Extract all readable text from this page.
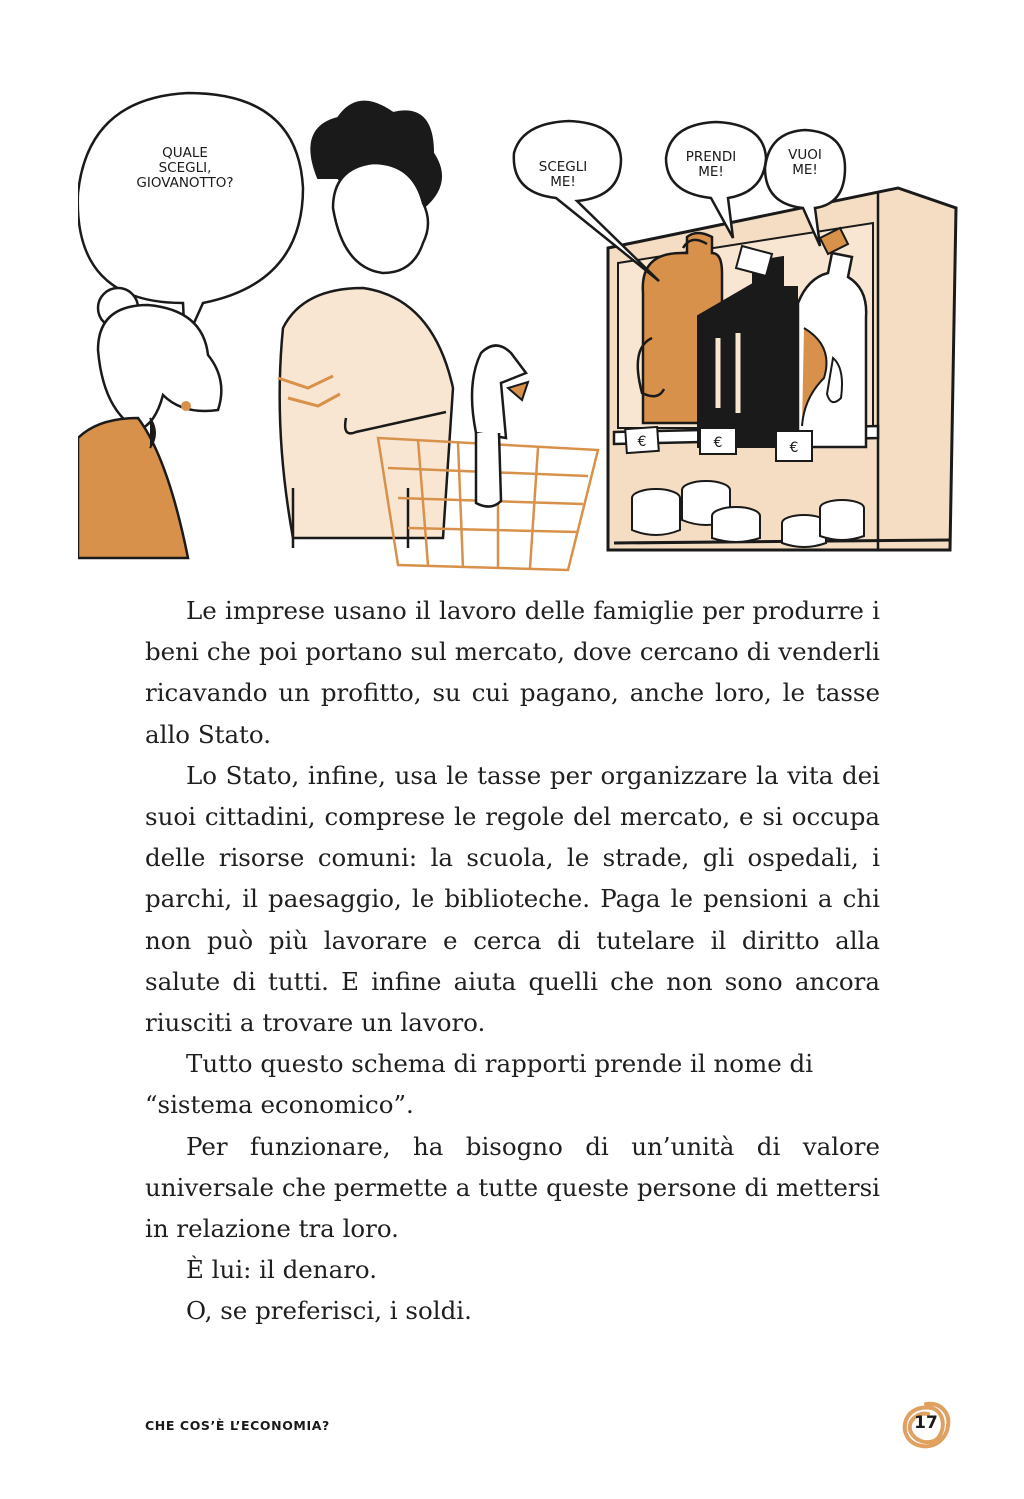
€	€	€
QUALE
SCEGLI,
GIOVANOTTO?
SCEGLI
ME!
PRENDI
ME!
VUOI
ME!

Le imprese usano il lavoro delle famiglie per produrre i beni che poi portano sul mercato, dove cercano di venderli ricavando un profitto, su cui pagano, anche loro, le tasse allo Stato.

Lo Stato, infine, usa le tasse per organizzare la vita dei suoi cittadini, comprese le regole del mercato, e si occupa delle risorse comuni: la scuola, le strade, gli ospedali, i parchi, il paesaggio, le biblioteche. Paga le pensioni a chi non può più lavorare e cerca di tutelare il diritto alla salute di tutti. E infine aiuta quelli che non sono ancora riusciti a trovare un lavoro.

Tutto questo schema di rapporti prende il nome di “sistema economico”.

Per funzionare, ha bisogno di un’unità di valore universale che permette a tutte queste persone di mettersi in relazione tra loro.

È lui: il denaro.

O, se preferisci, i soldi.

CHE COS’È L’ECONOMIA?	17
